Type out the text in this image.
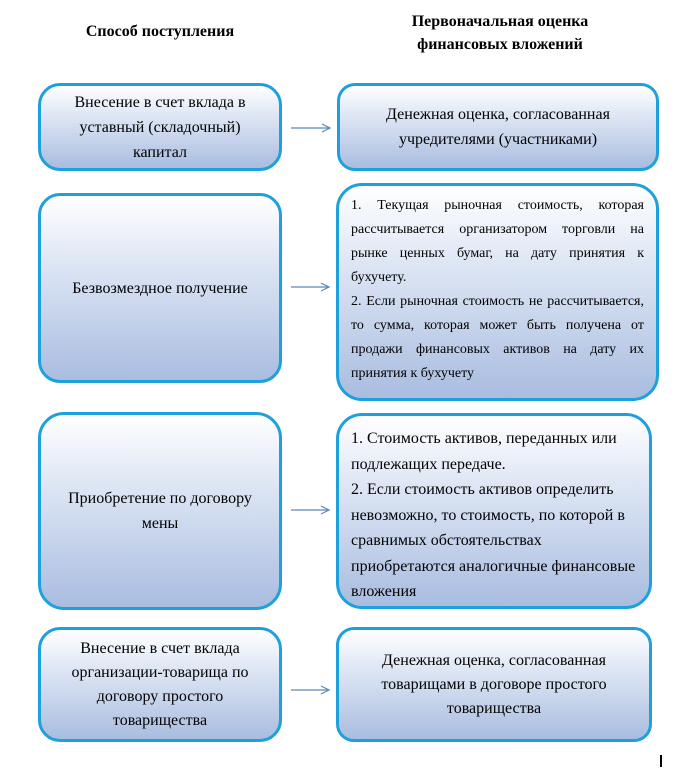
Способ поступления
Первоначальная оценка
финансовых вложений
Внесение в счет вклада в
уставный (складочный)
капитал
Денежная оценка, согласованная
учредителями (участниками)
Безвозмездное получение
1. Текущая рыночная стоимость, которая рассчитывается организатором торговли на рынке ценных бумаг, на дату принятия к бухучету.
2. Если рыночная стоимость не рассчитывается, то сумма, которая может быть получена от продажи финансовых активов на дату их принятия к бухучету
Приобретение по договору
мены
1. Стоимость активов, переданных или подлежащих передаче.
2. Если стоимость активов определить невозможно, то стоимость, по которой в сравнимых обстоятельствах приобретаются аналогичные финансовые вложения
Внесение в счет вклада
организации-товарища по
договору простого
товарищества
Денежная оценка, согласованная
товарищами в договоре простого
товарищества
